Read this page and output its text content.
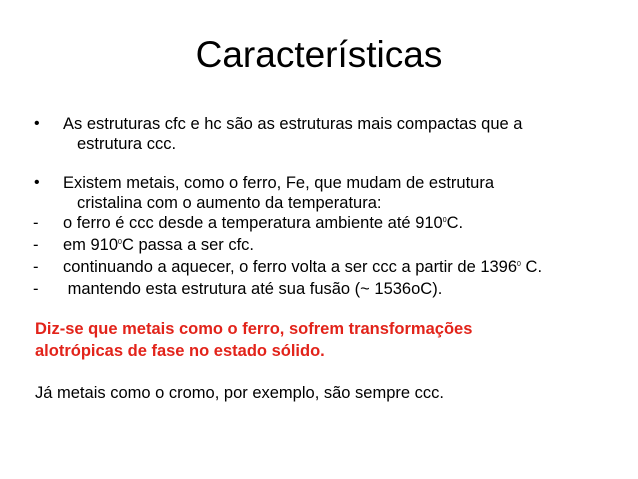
Características
•	As estruturas cfc e hc são as estruturas mais compactas que a
estrutura ccc.
•	Existem metais, como o ferro, Fe, que mudam de estrutura
cristalina com o aumento da temperatura:
-	o ferro é ccc desde a temperatura ambiente até $910^0C$.
-	em $910^0C$ passa a ser cfc.
-	continuando a aquecer, o ferro volta a ser ccc a partir de 1396$^0$ C.
-	mantendo esta estrutura até sua fusão (~ 1536oC).
Diz-se que metais como o ferro, sofrem transformações
alotrópicas de fase no estado sólido.
Já metais como o cromo, por exemplo, são sempre ccc.
